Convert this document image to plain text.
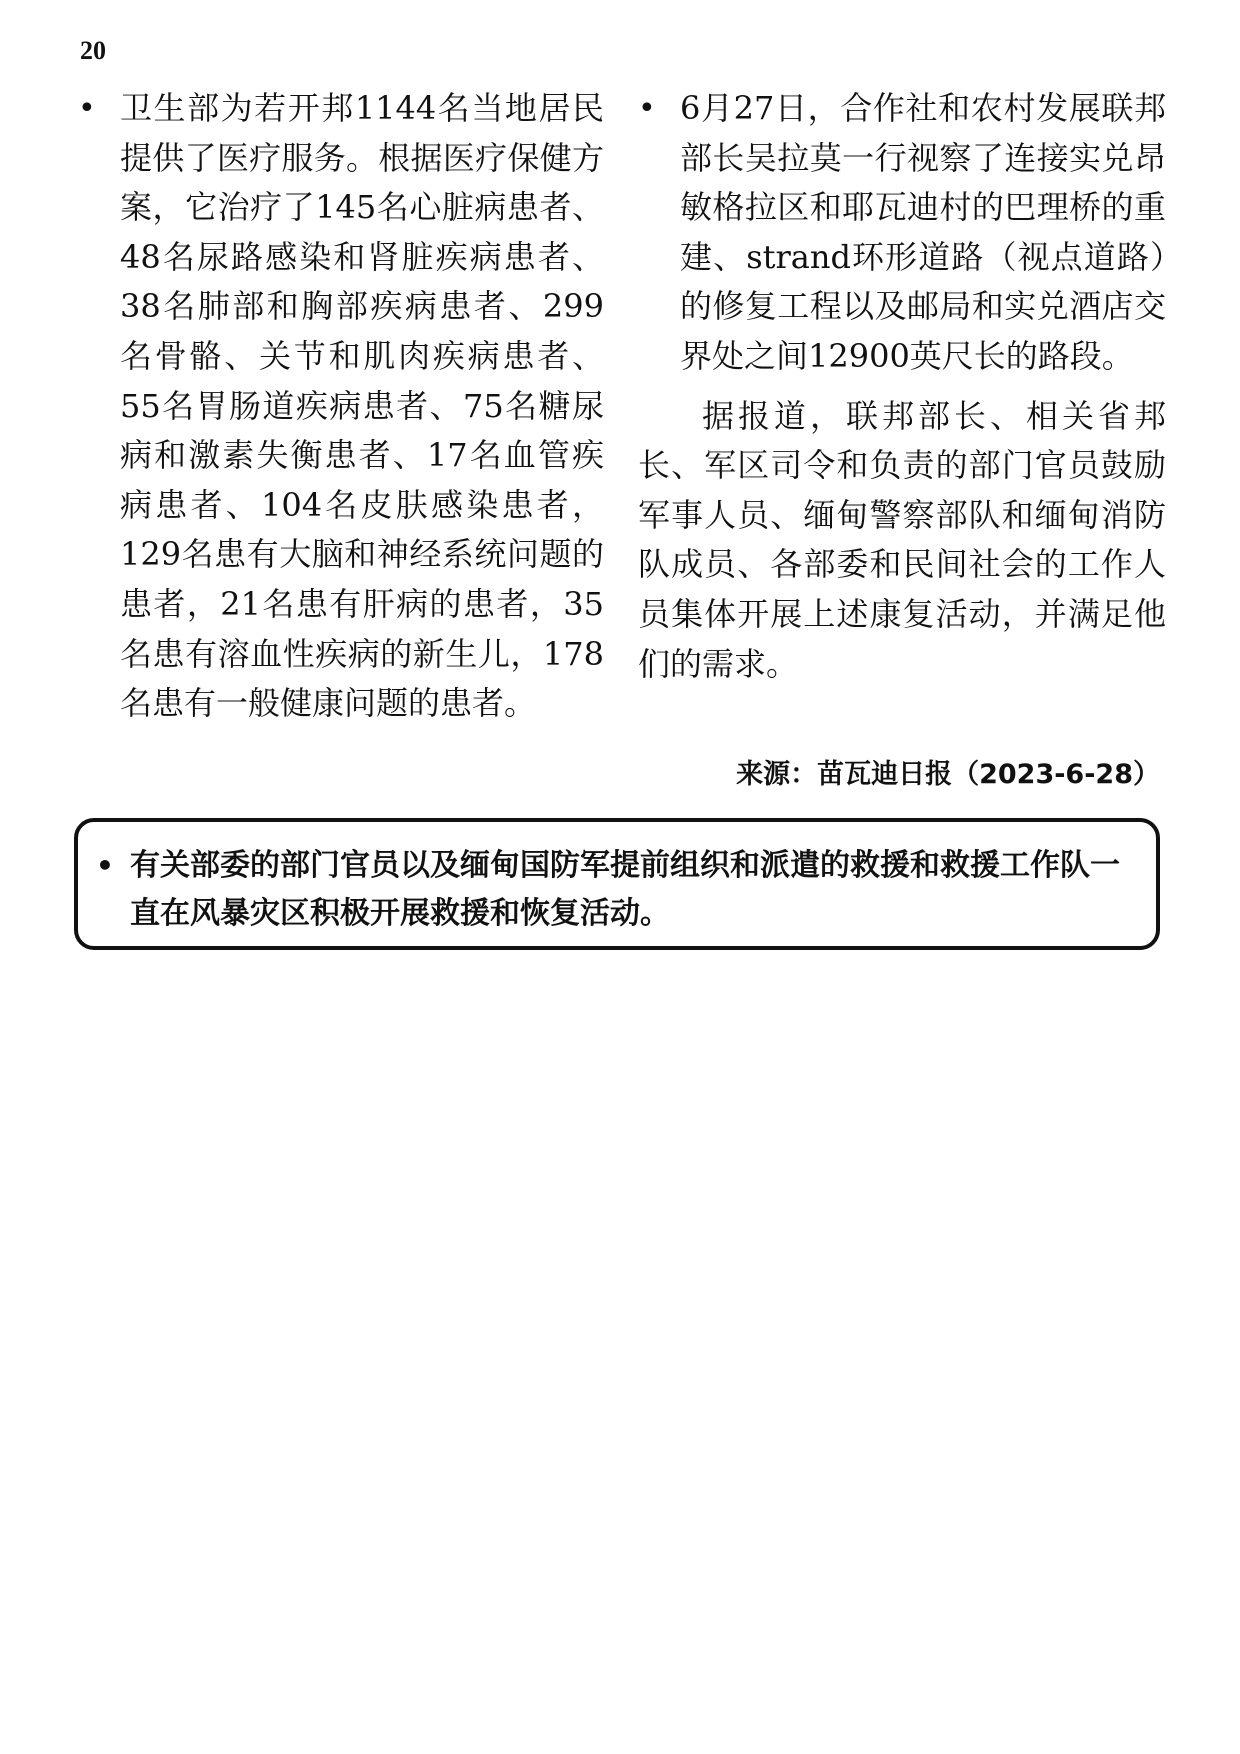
20

• 卫生部为若开邦1144名当地居民提供了医疗服务。根据医疗保健方案，它治疗了145名心脏病患者、48名尿路感染和肾脏疾病患者、38名肺部和胸部疾病患者、299名骨骼、关节和肌肉疾病患者、55名胃肠道疾病患者、75名糖尿病和激素失衡患者、17名血管疾病患者、104名皮肤感染患者，129名患有大脑和神经系统问题的患者，21名患有肝病的患者，35名患有溶血性疾病的新生儿，178名患有一般健康问题的患者。

• 6月27日，合作社和农村发展联邦部长吴拉莫一行视察了连接实兑昂敏格拉区和耶瓦迪村的巴理桥的重建、strand环形道路（视点道路）的修复工程以及邮局和实兑酒店交界处之间12900英尺长的路段。

据报道，联邦部长、相关省邦长、军区司令和负责的部门官员鼓励军事人员、缅甸警察部队和缅甸消防队成员、各部委和民间社会的工作人员集体开展上述康复活动，并满足他们的需求。

来源：苗瓦迪日报（2023-6-28）
• 有关部委的部门官员以及缅甸国防军提前组织和派遣的救援和救援工作队一直在风暴灾区积极开展救援和恢复活动。
